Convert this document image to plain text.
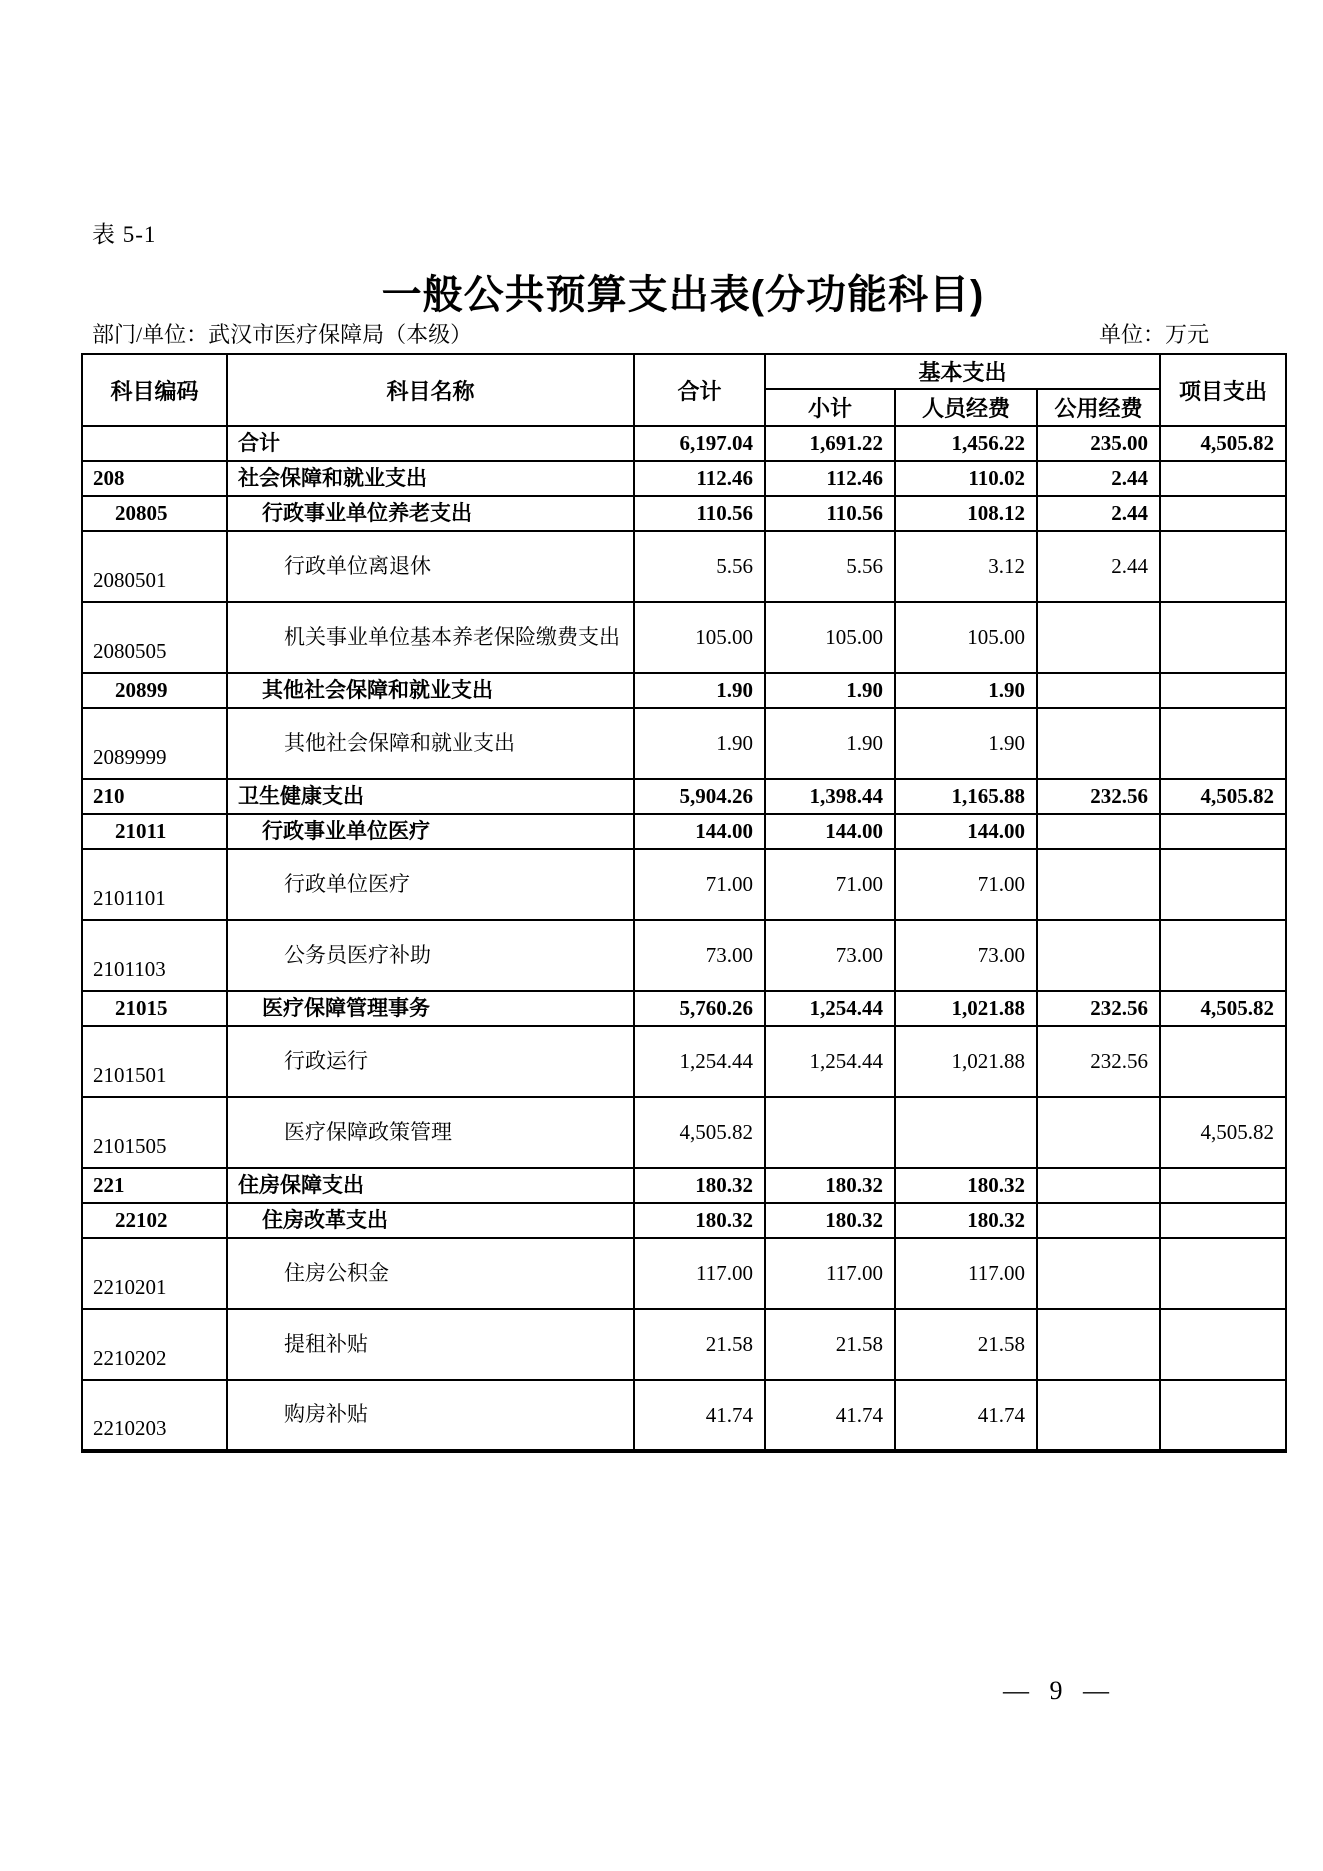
表 5-1
一般公共预算支出表(分功能科目)
部门/单位：武汉市医疗保障局（本级）	单位：万元
科目编码	科目名称	合计	基本支出			项目支出
			小计	人员经费	公用经费	
	合计	6,197.04	1,691.22	1,456.22	235.00	4,505.82
208	社会保障和就业支出	112.46	112.46	110.02	2.44	
20805	行政事业单位养老支出	110.56	110.56	108.12	2.44	
2080501	行政单位离退休	5.56	5.56	3.12	2.44	
2080505	机关事业单位基本养老保险缴费支出	105.00	105.00	105.00		
20899	其他社会保障和就业支出	1.90	1.90	1.90		
2089999	其他社会保障和就业支出	1.90	1.90	1.90		
210	卫生健康支出	5,904.26	1,398.44	1,165.88	232.56	4,505.82
21011	行政事业单位医疗	144.00	144.00	144.00		
2101101	行政单位医疗	71.00	71.00	71.00		
2101103	公务员医疗补助	73.00	73.00	73.00		
21015	医疗保障管理事务	5,760.26	1,254.44	1,021.88	232.56	4,505.82
2101501	行政运行	1,254.44	1,254.44	1,021.88	232.56	
2101505	医疗保障政策管理	4,505.82				4,505.82
221	住房保障支出	180.32	180.32	180.32		
22102	住房改革支出	180.32	180.32	180.32		
2210201	住房公积金	117.00	117.00	117.00		
2210202	提租补贴	21.58	21.58	21.58		
2210203	购房补贴	41.74	41.74	41.74		
— 9 —
